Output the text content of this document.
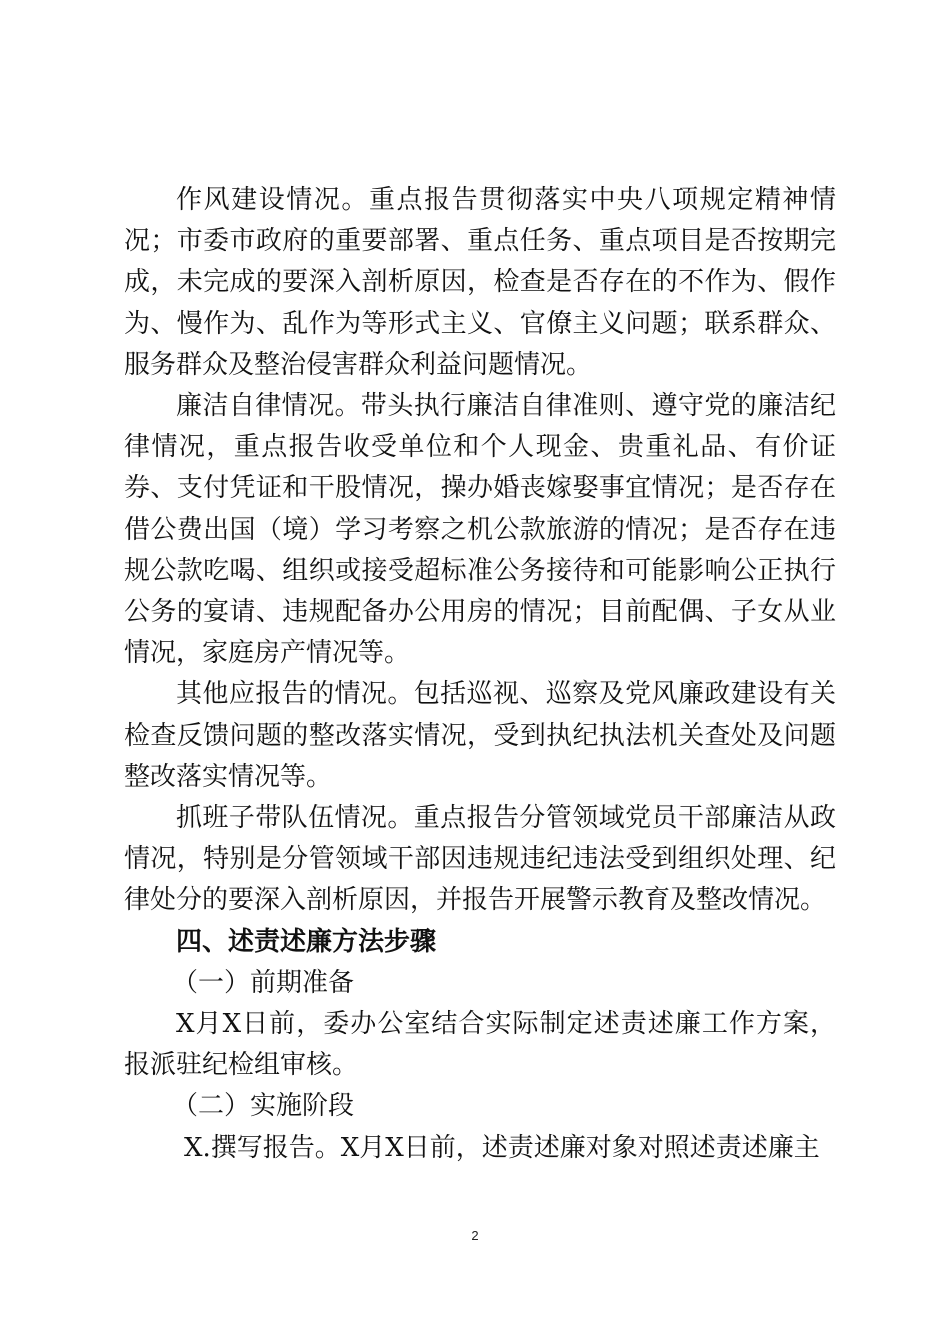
作风建设情况。重点报告贯彻落实中央八项规定精神情况；市委市政府的重要部署、重点任务、重点项目是否按期完成，未完成的要深入剖析原因，检查是否存在的不作为、假作为、慢作为、乱作为等形式主义、官僚主义问题；联系群众、服务群众及整治侵害群众利益问题情况。

廉洁自律情况。带头执行廉洁自律准则、遵守党的廉洁纪律情况，重点报告收受单位和个人现金、贵重礼品、有价证券、支付凭证和干股情况，操办婚丧嫁娶事宜情况；是否存在借公费出国（境）学习考察之机公款旅游的情况；是否存在违规公款吃喝、组织或接受超标准公务接待和可能影响公正执行公务的宴请、违规配备办公用房的情况；目前配偶、子女从业情况，家庭房产情况等。

其他应报告的情况。包括巡视、巡察及党风廉政建设有关检查反馈问题的整改落实情况，受到执纪执法机关查处及问题整改落实情况等。

抓班子带队伍情况。重点报告分管领域党员干部廉洁从政情况，特别是分管领域干部因违规违纪违法受到组织处理、纪律处分的要深入剖析原因，并报告开展警示教育及整改情况。

四、述责述廉方法步骤

（一）前期准备

X月X日前，委办公室结合实际制定述责述廉工作方案，报派驻纪检组审核。

（二）实施阶段

X.撰写报告。X月X日前，述责述廉对象对照述责述廉主

2
